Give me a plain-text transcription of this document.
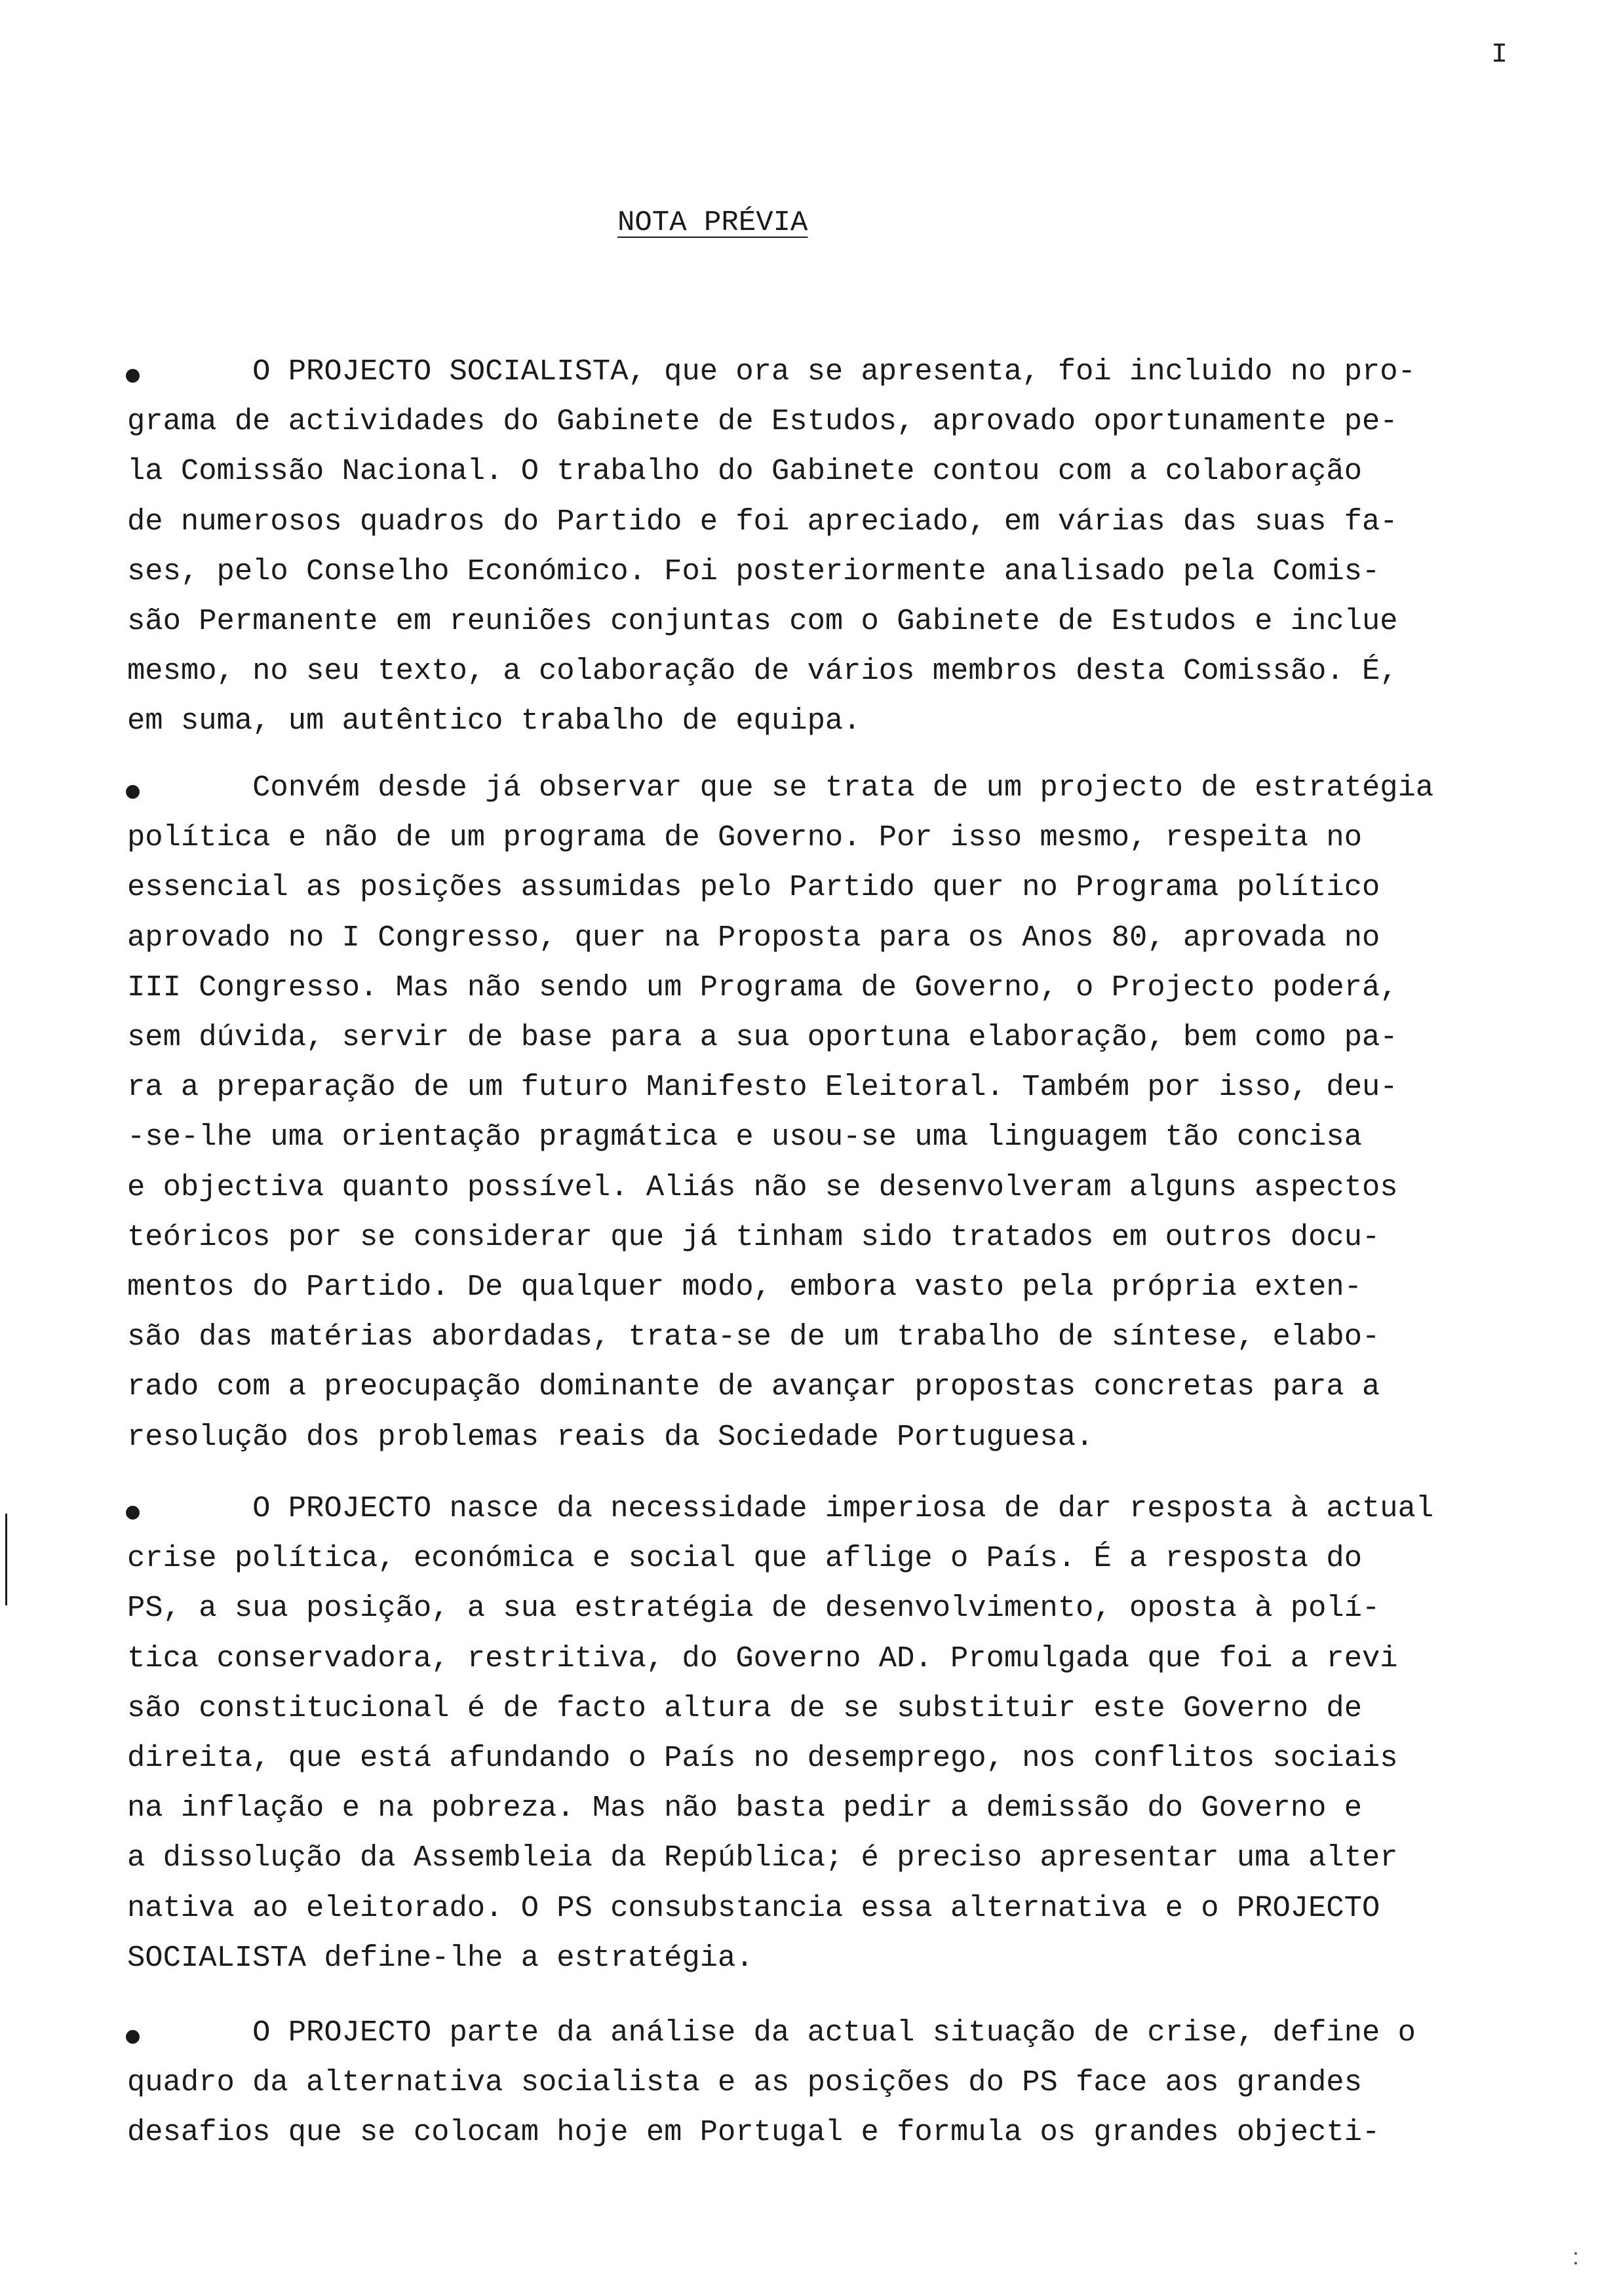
I
NOTA PRÉVIA
O PROJECTO SOCIALISTA, que ora se apresenta, foi incluido no pro-
grama de actividades do Gabinete de Estudos, aprovado oportunamente pe-
la Comissão Nacional. O trabalho do Gabinete contou com a colaboração
de numerosos quadros do Partido e foi apreciado, em várias das suas fa-
ses, pelo Conselho Económico. Foi posteriormente analisado pela Comis-
são Permanente em reuniões conjuntas com o Gabinete de Estudos e inclue
mesmo, no seu texto, a colaboração de vários membros desta Comissão. É,
em suma, um autêntico trabalho de equipa.
Convém desde já observar que se trata de um projecto de estratégia
política e não de um programa de Governo. Por isso mesmo, respeita no
essencial as posições assumidas pelo Partido quer no Programa político
aprovado no I Congresso, quer na Proposta para os Anos 80, aprovada no
III Congresso. Mas não sendo um Programa de Governo, o Projecto poderá,
sem dúvida, servir de base para a sua oportuna elaboração, bem como pa-
ra a preparação de um futuro Manifesto Eleitoral. Também por isso, deu-
-se-lhe uma orientação pragmática e usou-se uma linguagem tão concisa
e objectiva quanto possível. Aliás não se desenvolveram alguns aspectos
teóricos por se considerar que já tinham sido tratados em outros docu-
mentos do Partido. De qualquer modo, embora vasto pela própria exten-
são das matérias abordadas, trata-se de um trabalho de síntese, elabo-
rado com a preocupação dominante de avançar propostas concretas para a
resolução dos problemas reais da Sociedade Portuguesa.
O PROJECTO nasce da necessidade imperiosa de dar resposta à actual
crise política, económica e social que aflige o País. É a resposta do
PS, a sua posição, a sua estratégia de desenvolvimento, oposta à polí-
tica conservadora, restritiva, do Governo AD. Promulgada que foi a revi
são constitucional é de facto altura de se substituir este Governo de
direita, que está afundando o País no desemprego, nos conflitos sociais
na inflação e na pobreza. Mas não basta pedir a demissão do Governo e
a dissolução da Assembleia da República; é preciso apresentar uma alter
nativa ao eleitorado. O PS consubstancia essa alternativa e o PROJECTO
SOCIALISTA define-lhe a estratégia.
O PROJECTO parte da análise da actual situação de crise, define o
quadro da alternativa socialista e as posições do PS face aos grandes
desafios que se colocam hoje em Portugal e formula os grandes objecti-
